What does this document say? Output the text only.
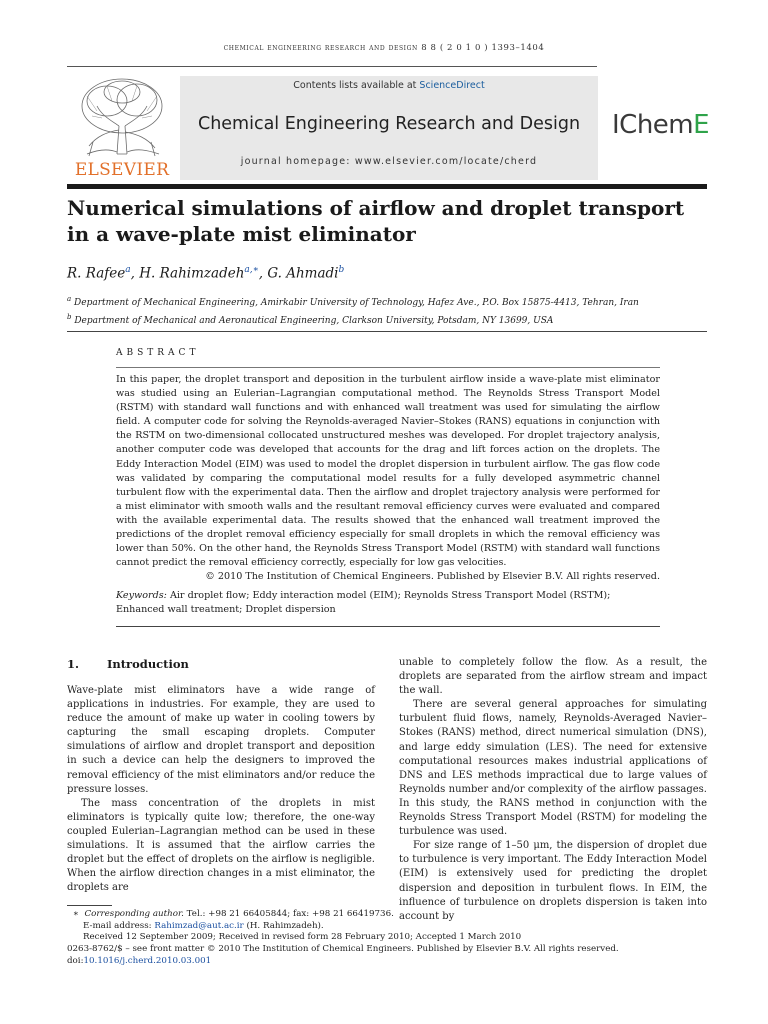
chemical engineering research and design 8 8 ( 2 0 1 0 ) 1393–1404
ELSEVIER
Contents lists available at ScienceDirect
Chemical Engineering Research and Design
journal homepage: www.elsevier.com/locate/cherd
IChemE
Numerical simulations of airflow and droplet transport in a wave-plate mist eliminator
R. Rafee$^a$, H. Rahimzadeh$^{a,∗}$, G. Ahmadi$^b$
$^a$ Department of Mechanical Engineering, Amirkabir University of Technology, Hafez Ave., P.O. Box 15875-4413, Tehran, Iran
$^b$ Department of Mechanical and Aeronautical Engineering, Clarkson University, Potsdam, NY 13699, USA
ABSTRACT
In this paper, the droplet transport and deposition in the turbulent airflow inside a wave-plate mist eliminator was studied using an Eulerian–Lagrangian computational method. The Reynolds Stress Transport Model (RSTM) with standard wall functions and with enhanced wall treatment was used for simulating the airflow field. A computer code for solving the Reynolds-averaged Navier–Stokes (RANS) equations in conjunction with the RSTM on two-dimensional collocated unstructured meshes was developed. For droplet trajectory analysis, another computer code was developed that accounts for the drag and lift forces action on the droplets. The Eddy Interaction Model (EIM) was used to model the droplet dispersion in turbulent airflow. The gas flow code was validated by comparing the computational model results for a fully developed asymmetric channel turbulent flow with the experimental data. Then the airflow and droplet trajectory analysis were performed for a mist eliminator with smooth walls and the resultant removal efficiency curves were evaluated and compared with the available experimental data. The results showed that the enhanced wall treatment improved the predictions of the droplet removal efficiency especially for small droplets in which the removal efficiency was lower than 50%. On the other hand, the Reynolds Stress Transport Model (RSTM) with standard wall functions cannot predict the removal efficiency correctly, especially for low gas velocities.
© 2010 The Institution of Chemical Engineers. Published by Elsevier B.V. All rights reserved.
Keywords: Air droplet flow; Eddy interaction model (EIM); Reynolds Stress Transport Model (RSTM); Enhanced wall treatment; Droplet dispersion
1. Introduction

Wave-plate mist eliminators have a wide range of applications in industries. For example, they are used to reduce the amount of make up water in cooling towers by capturing the small escaping droplets. Computer simulations of airflow and droplet transport and deposition in such a device can help the designers to improved the removal efficiency of the mist eliminators and/or reduce the pressure losses.

The mass concentration of the droplets in mist eliminators is typically quite low; therefore, the one-way coupled Eulerian–Lagrangian method can be used in these simulations. It is assumed that the airflow carries the droplet but the effect of droplets on the airflow is negligible. When the airflow direction changes in a mist eliminator, the droplets are

unable to completely follow the flow. As a result, the droplets are separated from the airflow stream and impact the wall.

There are several general approaches for simulating turbulent fluid flows, namely, Reynolds-Averaged Navier–Stokes (RANS) method, direct numerical simulation (DNS), and large eddy simulation (LES). The need for extensive computational resources makes industrial applications of DNS and LES methods impractical due to large values of Reynolds number and/or complexity of the airflow passages. In this study, the RANS method in conjunction with the Reynolds Stress Transport Model (RSTM) for modeling the turbulence was used.

For size range of 1–50 μm, the dispersion of droplet due to turbulence is very important. The Eddy Interaction Model (EIM) is extensively used for predicting the droplet dispersion and deposition in turbulent flows. In EIM, the influence of turbulence on droplets dispersion is taken into account by

∗ Corresponding author. Tel.: +98 21 66405844; fax: +98 21 66419736.
E-mail address: Rahimzad@aut.ac.ir (H. Rahimzadeh).
Received 12 September 2009; Received in revised form 28 February 2010; Accepted 1 March 2010
0263-8762/$ – see front matter © 2010 The Institution of Chemical Engineers. Published by Elsevier B.V. All rights reserved.
doi:10.1016/j.cherd.2010.03.001
